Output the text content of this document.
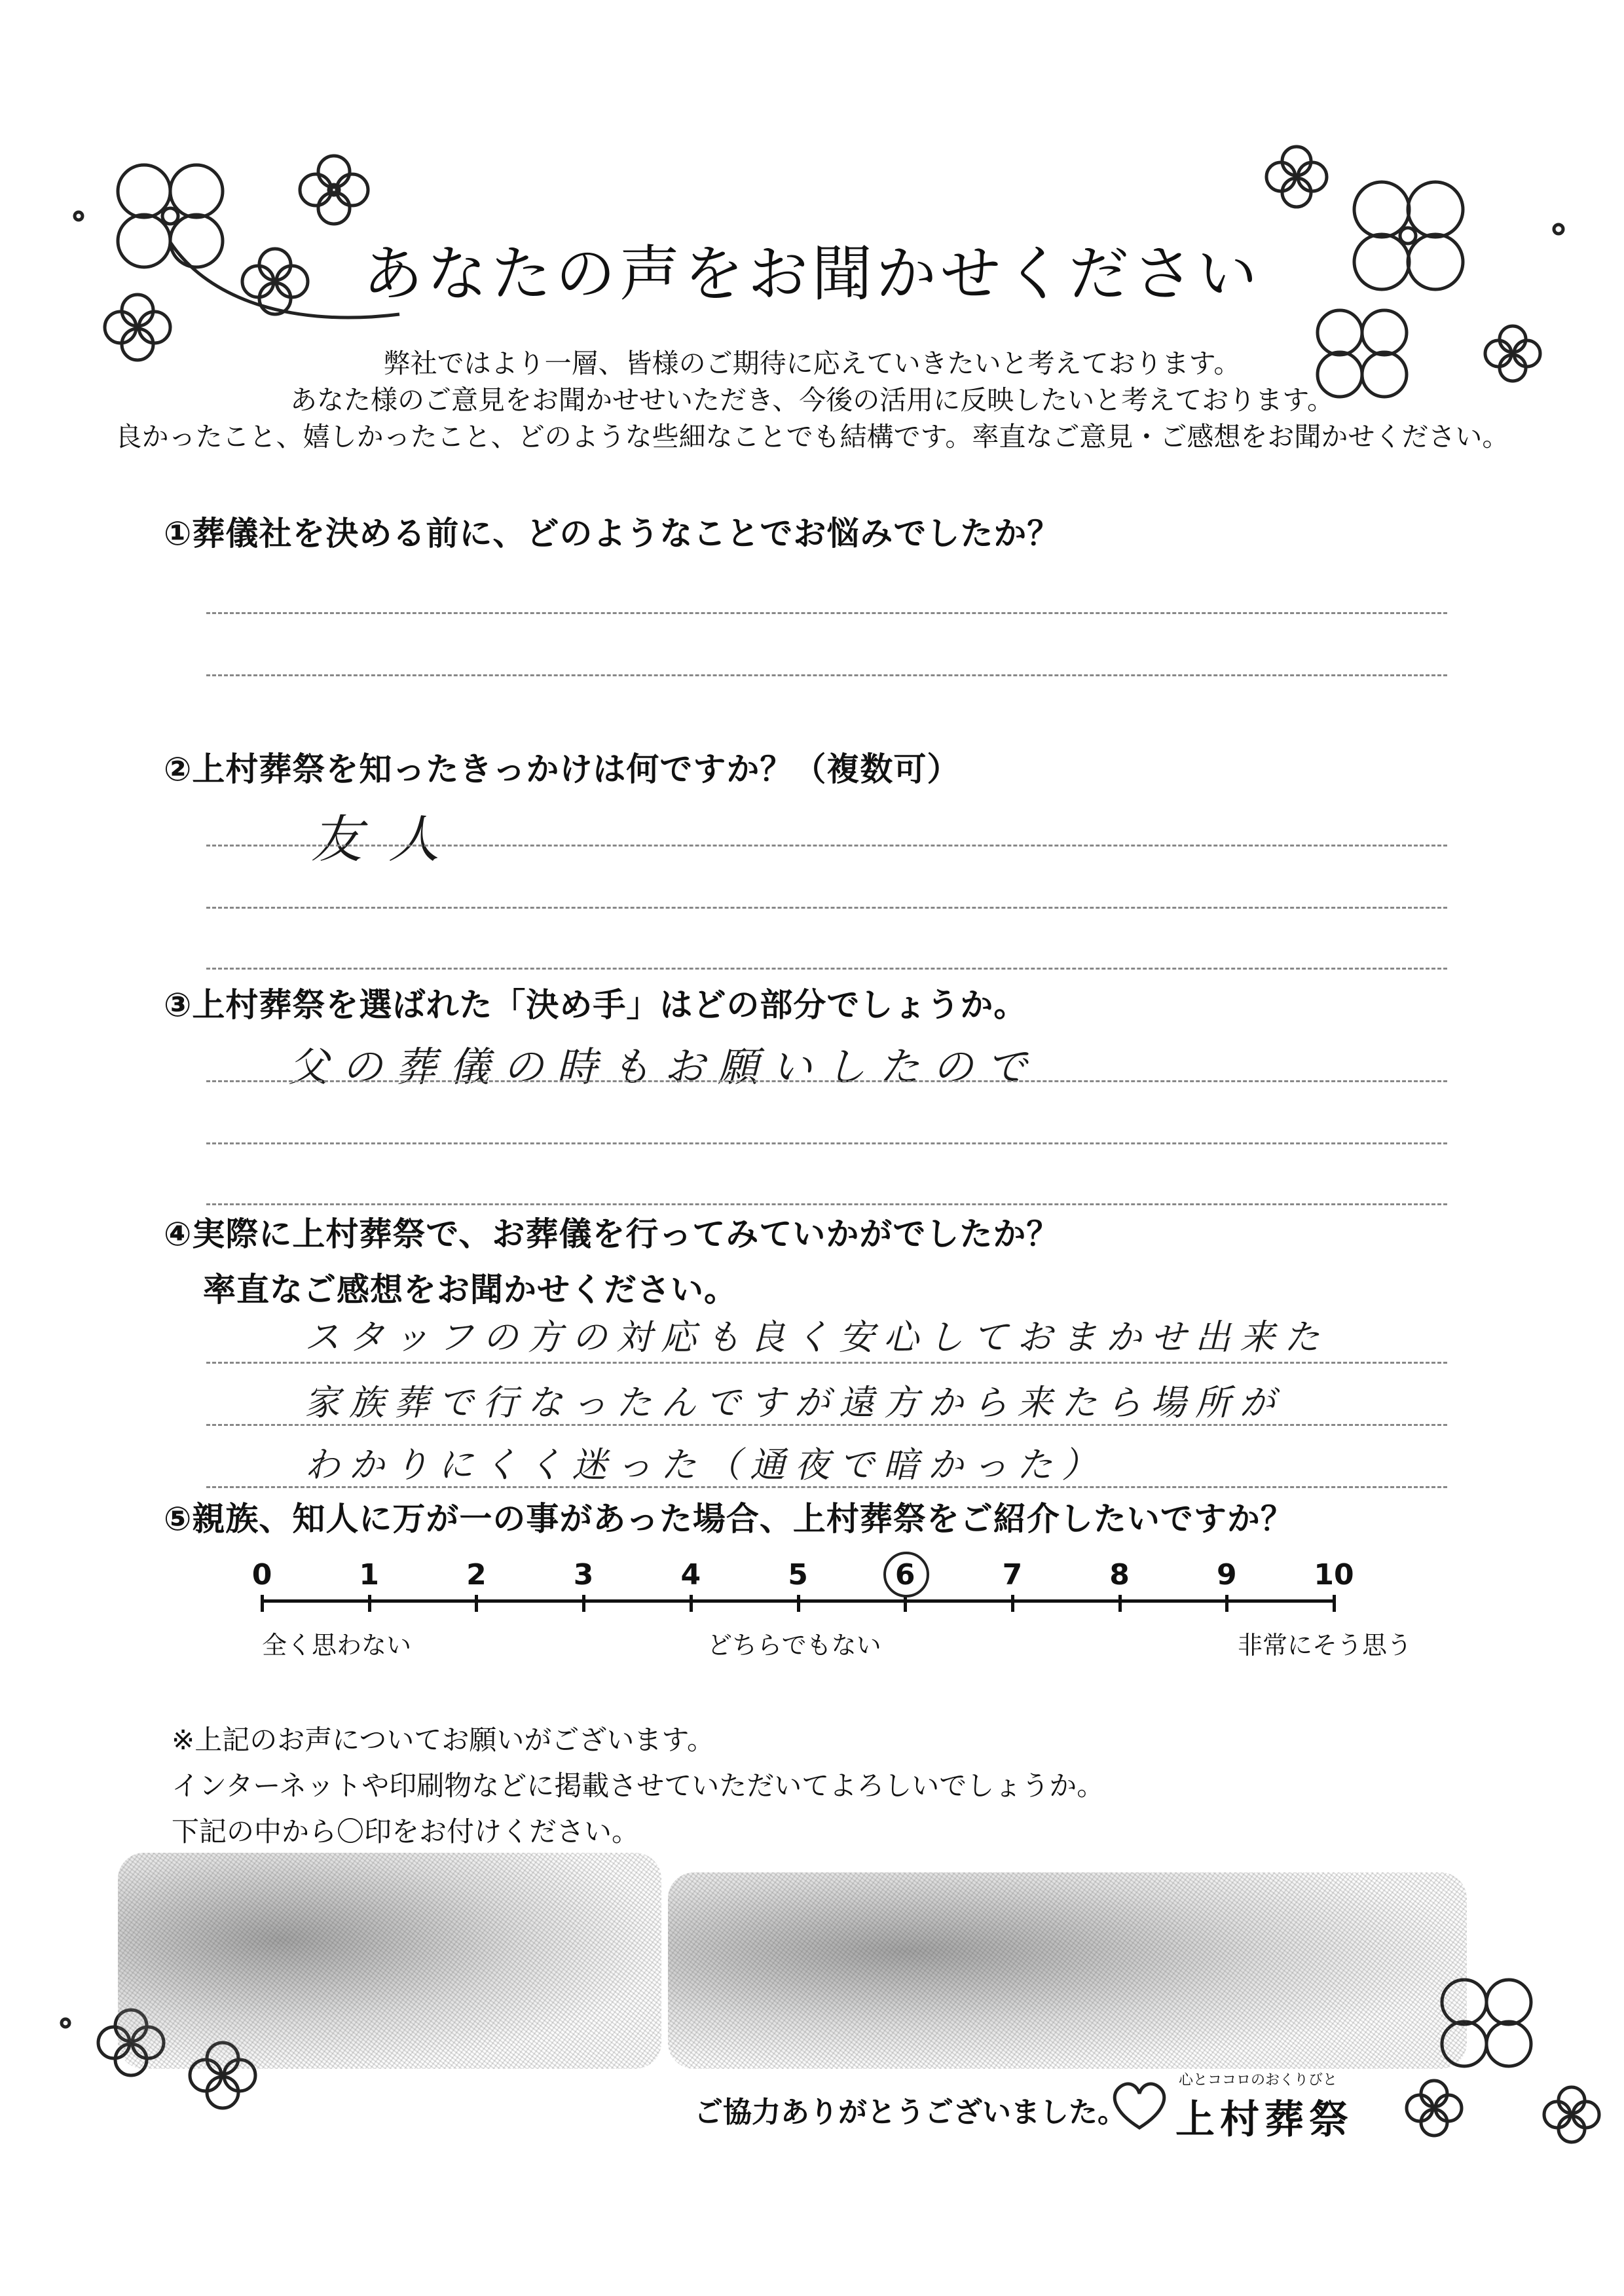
あなたの声をお聞かせください
弊社ではより一層、皆様のご期待に応えていきたいと考えております。
あなた様のご意見をお聞かせせいただき、今後の活用に反映したいと考えております。
良かったこと、嬉しかったこと、どのような些細なことでも結構です。率直なご意見・ご感想をお聞かせください。
①葬儀社を決める前に、どのようなことでお悩みでしたか？
②上村葬祭を知ったきっかけは何ですか？（複数可）
友人
③上村葬祭を選ばれた「決め手」はどの部分でしょうか。
父の葬儀の時もお願いしたので
④実際に上村葬祭で、お葬儀を行ってみていかがでしたか？
率直なご感想をお聞かせください。
スタッフの方の対応も良く安心しておまかせ出来た
家族葬で行なったんですが遠方から来たら場所が
わかりにくく迷った（通夜で暗かった）
⑤親族、知人に万が一の事があった場合、上村葬祭をご紹介したいですか？
0	1	2	3	4	5	6	7	8	9	10
全く思わない	どちらでもない	非常にそう思う
※上記のお声についてお願いがございます。
インターネットや印刷物などに掲載させていただいてよろしいでしょうか。
下記の中から〇印をお付けください。
ご協力ありがとうございました。
心とココロのおくりびと
上村葬祭
